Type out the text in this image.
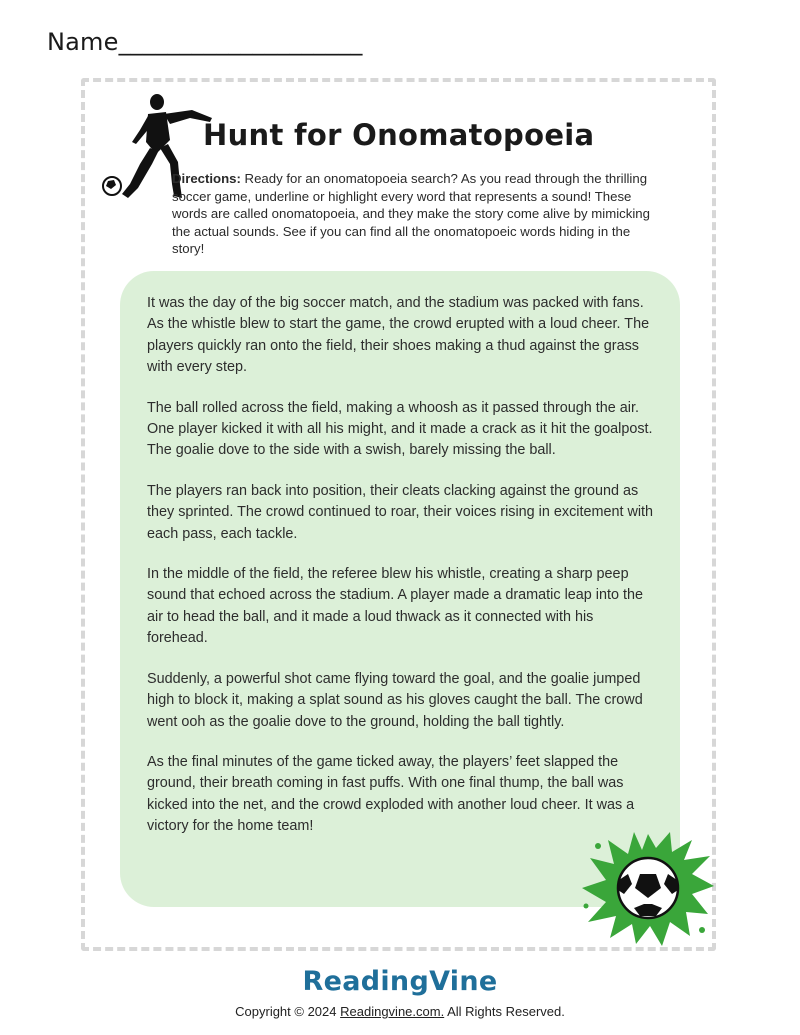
Name____________________
Hunt for Onomatopoeia

Directions: Ready for an onomatopoeia search? As you read through the thrilling soccer game, underline or highlight every word that represents a sound! These words are called onomatopoeia, and they make the story come alive by mimicking the actual sounds. See if you can find all the onomatopoeic words hiding in the story!

It was the day of the big soccer match, and the stadium was packed with fans. As the whistle blew to start the game, the crowd erupted with a loud cheer. The players quickly ran onto the field, their shoes making a thud against the grass with every step.

The ball rolled across the field, making a whoosh as it passed through the air. One player kicked it with all his might, and it made a crack as it hit the goalpost. The goalie dove to the side with a swish, barely missing the ball.

The players ran back into position, their cleats clacking against the ground as they sprinted. The crowd continued to roar, their voices rising in excitement with each pass, each tackle.

In the middle of the field, the referee blew his whistle, creating a sharp peep sound that echoed across the stadium. A player made a dramatic leap into the air to head the ball, and it made a loud thwack as it connected with his forehead.

Suddenly, a powerful shot came flying toward the goal, and the goalie jumped high to block it, making a splat sound as his gloves caught the ball. The crowd went ooh as the goalie dove to the ground, holding the ball tightly.

As the final minutes of the game ticked away, the players’ feet slapped the ground, their breath coming in fast puffs. With one final thump, the ball was kicked into the net, and the crowd exploded with another loud cheer. It was a victory for the home team!

ReadingVine
Copyright © 2024 Readingvine.com. All Rights Reserved.
